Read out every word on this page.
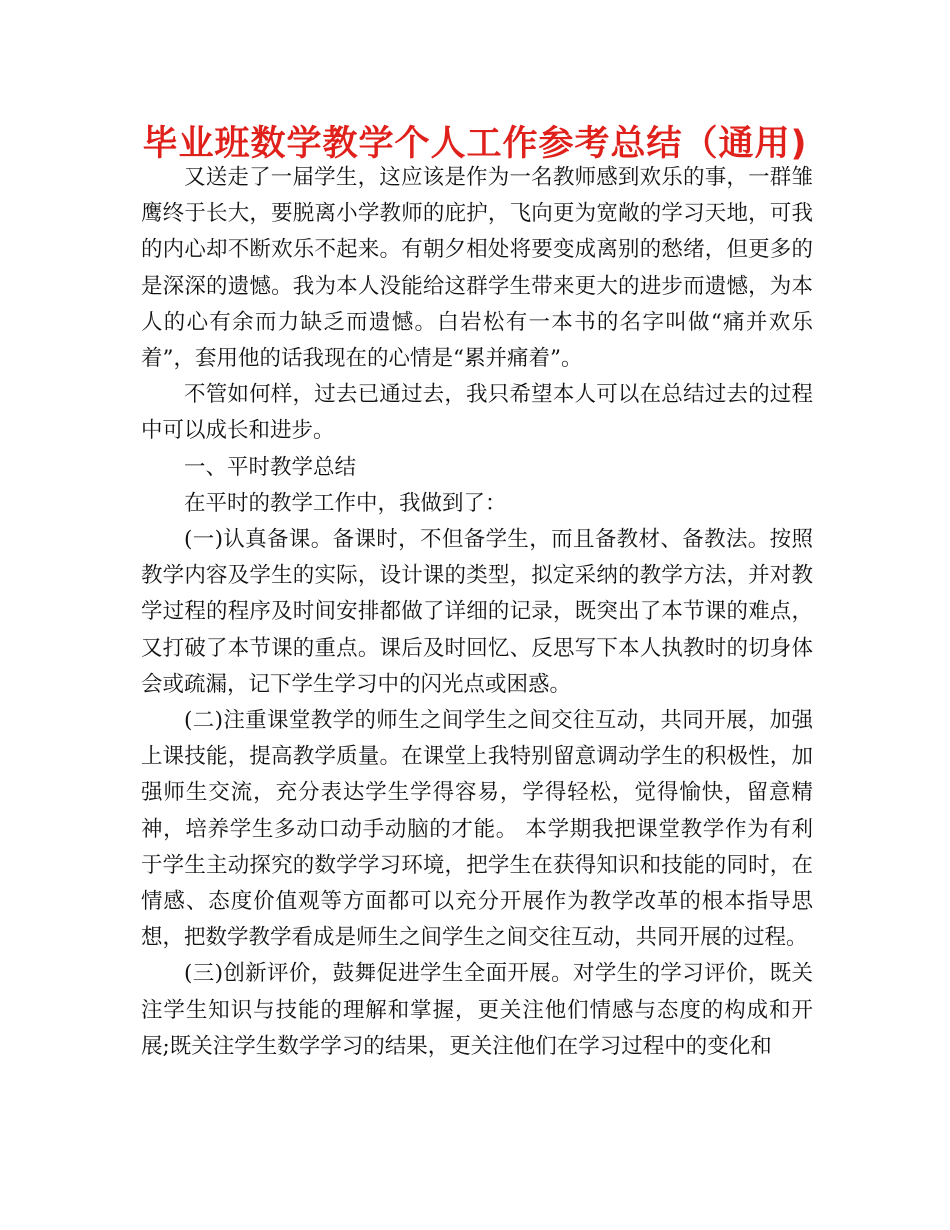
毕业班数学教学个人工作参考总结（通用)

又送走了一届学生，这应该是作为一名教师感到欢乐的事，一群雏鹰终于长大，要脱离小学教师的庇护，飞向更为宽敞的学习天地，可我的内心却不断欢乐不起来。有朝夕相处将要变成离别的愁绪，但更多的是深深的遗憾。我为本人没能给这群学生带来更大的进步而遗憾，为本人的心有余而力缺乏而遗憾。白岩松有一本书的名字叫做“痛并欢乐着”，套用他的话我现在的心情是“累并痛着”。

不管如何样，过去已通过去，我只希望本人可以在总结过去的过程中可以成长和进步。

一、平时教学总结

在平时的教学工作中，我做到了：

(一)认真备课。备课时，不但备学生，而且备教材、备教法。按照教学内容及学生的实际，设计课的类型，拟定采纳的教学方法，并对教学过程的程序及时间安排都做了详细的记录，既突出了本节课的难点，又打破了本节课的重点。课后及时回忆、反思写下本人执教时的切身体会或疏漏，记下学生学习中的闪光点或困惑。

(二)注重课堂教学的师生之间学生之间交往互动，共同开展，加强上课技能，提高教学质量。在课堂上我特别留意调动学生的积极性，加强师生交流，充分表达学生学得容易，学得轻松，觉得愉快，留意精神，培养学生多动口动手动脑的才能。 本学期我把课堂教学作为有利于学生主动探究的数学学习环境，把学生在获得知识和技能的同时，在情感、态度价值观等方面都可以充分开展作为教学改革的根本指导思想，把数学教学看成是师生之间学生之间交往互动，共同开展的过程。

(三)创新评价，鼓舞促进学生全面开展。对学生的学习评价，既关注学生知识与技能的理解和掌握，更关注他们情感与态度的构成和开展;既关注学生数学学习的结果，更关注他们在学习过程中的变化和
